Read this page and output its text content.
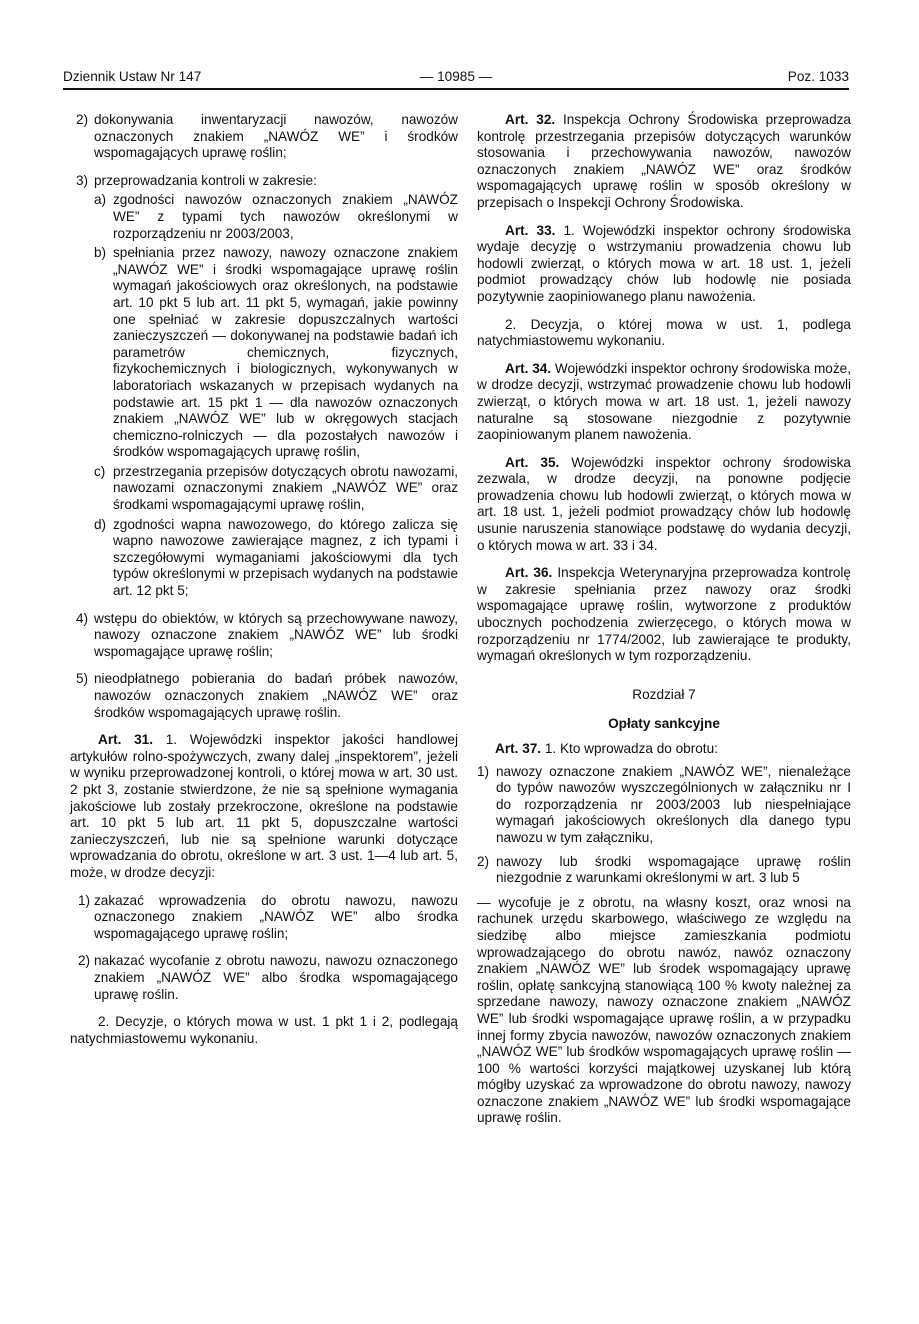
Dziennik Ustaw Nr 147	— 10985 —	Poz. 1033
2) dokonywania inwentaryzacji nawozów, nawozów oznaczonych znakiem „NAWÓZ WE” i środków wspomagających uprawę roślin;

3) przeprowadzania kontroli w zakresie:

a) zgodności nawozów oznaczonych znakiem „NAWÓZ WE” z typami tych nawozów określonymi w rozporządzeniu nr 2003/2003,

b) spełniania przez nawozy, nawozy oznaczone znakiem „NAWÓZ WE” i środki wspomagające uprawę roślin wymagań jakościowych oraz określonych, na podstawie art. 10 pkt 5 lub art. 11 pkt 5, wymagań, jakie powinny one spełniać w zakresie dopuszczalnych wartości zanieczyszczeń — dokonywanej na podstawie badań ich parametrów chemicznych, fizycznych, fizykochemicznych i biologicznych, wykonywanych w laboratoriach wskazanych w przepisach wydanych na podstawie art. 15 pkt 1 — dla nawozów oznaczonych znakiem „NAWÓZ WE” lub w okręgowych stacjach chemiczno-rolniczych — dla pozostałych nawozów i środków wspomagających uprawę roślin,

c) przestrzegania przepisów dotyczących obrotu nawozami, nawozami oznaczonymi znakiem „NAWÓZ WE” oraz środkami wspomagającymi uprawę roślin,

d) zgodności wapna nawozowego, do którego zalicza się wapno nawozowe zawierające magnez, z ich typami i szczegółowymi wymaganiami jakościowymi dla tych typów określonymi w przepisach wydanych na podstawie art. 12 pkt 5;

4) wstępu do obiektów, w których są przechowywane nawozy, nawozy oznaczone znakiem „NAWÓZ WE” lub środki wspomagające uprawę roślin;

5) nieodpłatnego pobierania do badań próbek nawozów, nawozów oznaczonych znakiem „NAWÓZ WE” oraz środków wspomagających uprawę roślin.

Art. 31. 1. Wojewódzki inspektor jakości handlowej artykułów rolno-spożywczych, zwany dalej „inspektorem”, jeżeli w wyniku przeprowadzonej kontroli, o której mowa w art. 30 ust. 2 pkt 3, zostanie stwierdzone, że nie są spełnione wymagania jakościowe lub zostały przekroczone, określone na podstawie art. 10 pkt 5 lub art. 11 pkt 5, dopuszczalne wartości zanieczyszczeń, lub nie są spełnione warunki dotyczące wprowadzania do obrotu, określone w art. 3 ust. 1—4 lub art. 5, może, w drodze decyzji:

1) zakazać wprowadzenia do obrotu nawozu, nawozu oznaczonego znakiem „NAWÓZ WE” albo środka wspomagającego uprawę roślin;

2) nakazać wycofanie z obrotu nawozu, nawozu oznaczonego znakiem „NAWÓZ WE” albo środka wspomagającego uprawę roślin.

2. Decyzje, o których mowa w ust. 1 pkt 1 i 2, podlegają natychmiastowemu wykonaniu.

Art. 32. Inspekcja Ochrony Środowiska przeprowadza kontrolę przestrzegania przepisów dotyczących warunków stosowania i przechowywania nawozów, nawozów oznaczonych znakiem „NAWÓZ WE” oraz środków wspomagających uprawę roślin w sposób określony w przepisach o Inspekcji Ochrony Środowiska.

Art. 33. 1. Wojewódzki inspektor ochrony środowiska wydaje decyzję o wstrzymaniu prowadzenia chowu lub hodowli zwierząt, o których mowa w art. 18 ust. 1, jeżeli podmiot prowadzący chów lub hodowlę nie posiada pozytywnie zaopiniowanego planu nawożenia.

2. Decyzja, o której mowa w ust. 1, podlega natychmiastowemu wykonaniu.

Art. 34. Wojewódzki inspektor ochrony środowiska może, w drodze decyzji, wstrzymać prowadzenie chowu lub hodowli zwierząt, o których mowa w art. 18 ust. 1, jeżeli nawozy naturalne są stosowane niezgodnie z pozytywnie zaopiniowanym planem nawożenia.

Art. 35. Wojewódzki inspektor ochrony środowiska zezwala, w drodze decyzji, na ponowne podjęcie prowadzenia chowu lub hodowli zwierząt, o których mowa w art. 18 ust. 1, jeżeli podmiot prowadzący chów lub hodowlę usunie naruszenia stanowiące podstawę do wydania decyzji, o których mowa w art. 33 i 34.

Art. 36. Inspekcja Weterynaryjna przeprowadza kontrolę w zakresie spełniania przez nawozy oraz środki wspomagające uprawę roślin, wytworzone z produktów ubocznych pochodzenia zwierzęcego, o których mowa w rozporządzeniu nr 1774/2002, lub zawierające te produkty, wymagań określonych w tym rozporządzeniu.

Rozdział 7

Opłaty sankcyjne

Art. 37. 1. Kto wprowadza do obrotu:

1) nawozy oznaczone znakiem „NAWÓZ WE”, nienależące do typów nawozów wyszczególnionych w załączniku nr I do rozporządzenia nr 2003/2003 lub niespełniające wymagań jakościowych określonych dla danego typu nawozu w tym załączniku,

2) nawozy lub środki wspomagające uprawę roślin niezgodnie z warunkami określonymi w art. 3 lub 5

— wycofuje je z obrotu, na własny koszt, oraz wnosi na rachunek urzędu skarbowego, właściwego ze względu na siedzibę albo miejsce zamieszkania podmiotu wprowadzającego do obrotu nawóz, nawóz oznaczony znakiem „NAWÓZ WE” lub środek wspomagający uprawę roślin, opłatę sankcyjną stanowiącą 100 % kwoty należnej za sprzedane nawozy, nawozy oznaczone znakiem „NAWÓZ WE” lub środki wspomagające uprawę roślin, a w przypadku innej formy zbycia nawozów, nawozów oznaczonych znakiem „NAWÓZ WE” lub środków wspomagających uprawę roślin — 100 % wartości korzyści majątkowej uzyskanej lub którą mógłby uzyskać za wprowadzone do obrotu nawozy, nawozy oznaczone znakiem „NAWÓZ WE” lub środki wspomagające uprawę roślin.
